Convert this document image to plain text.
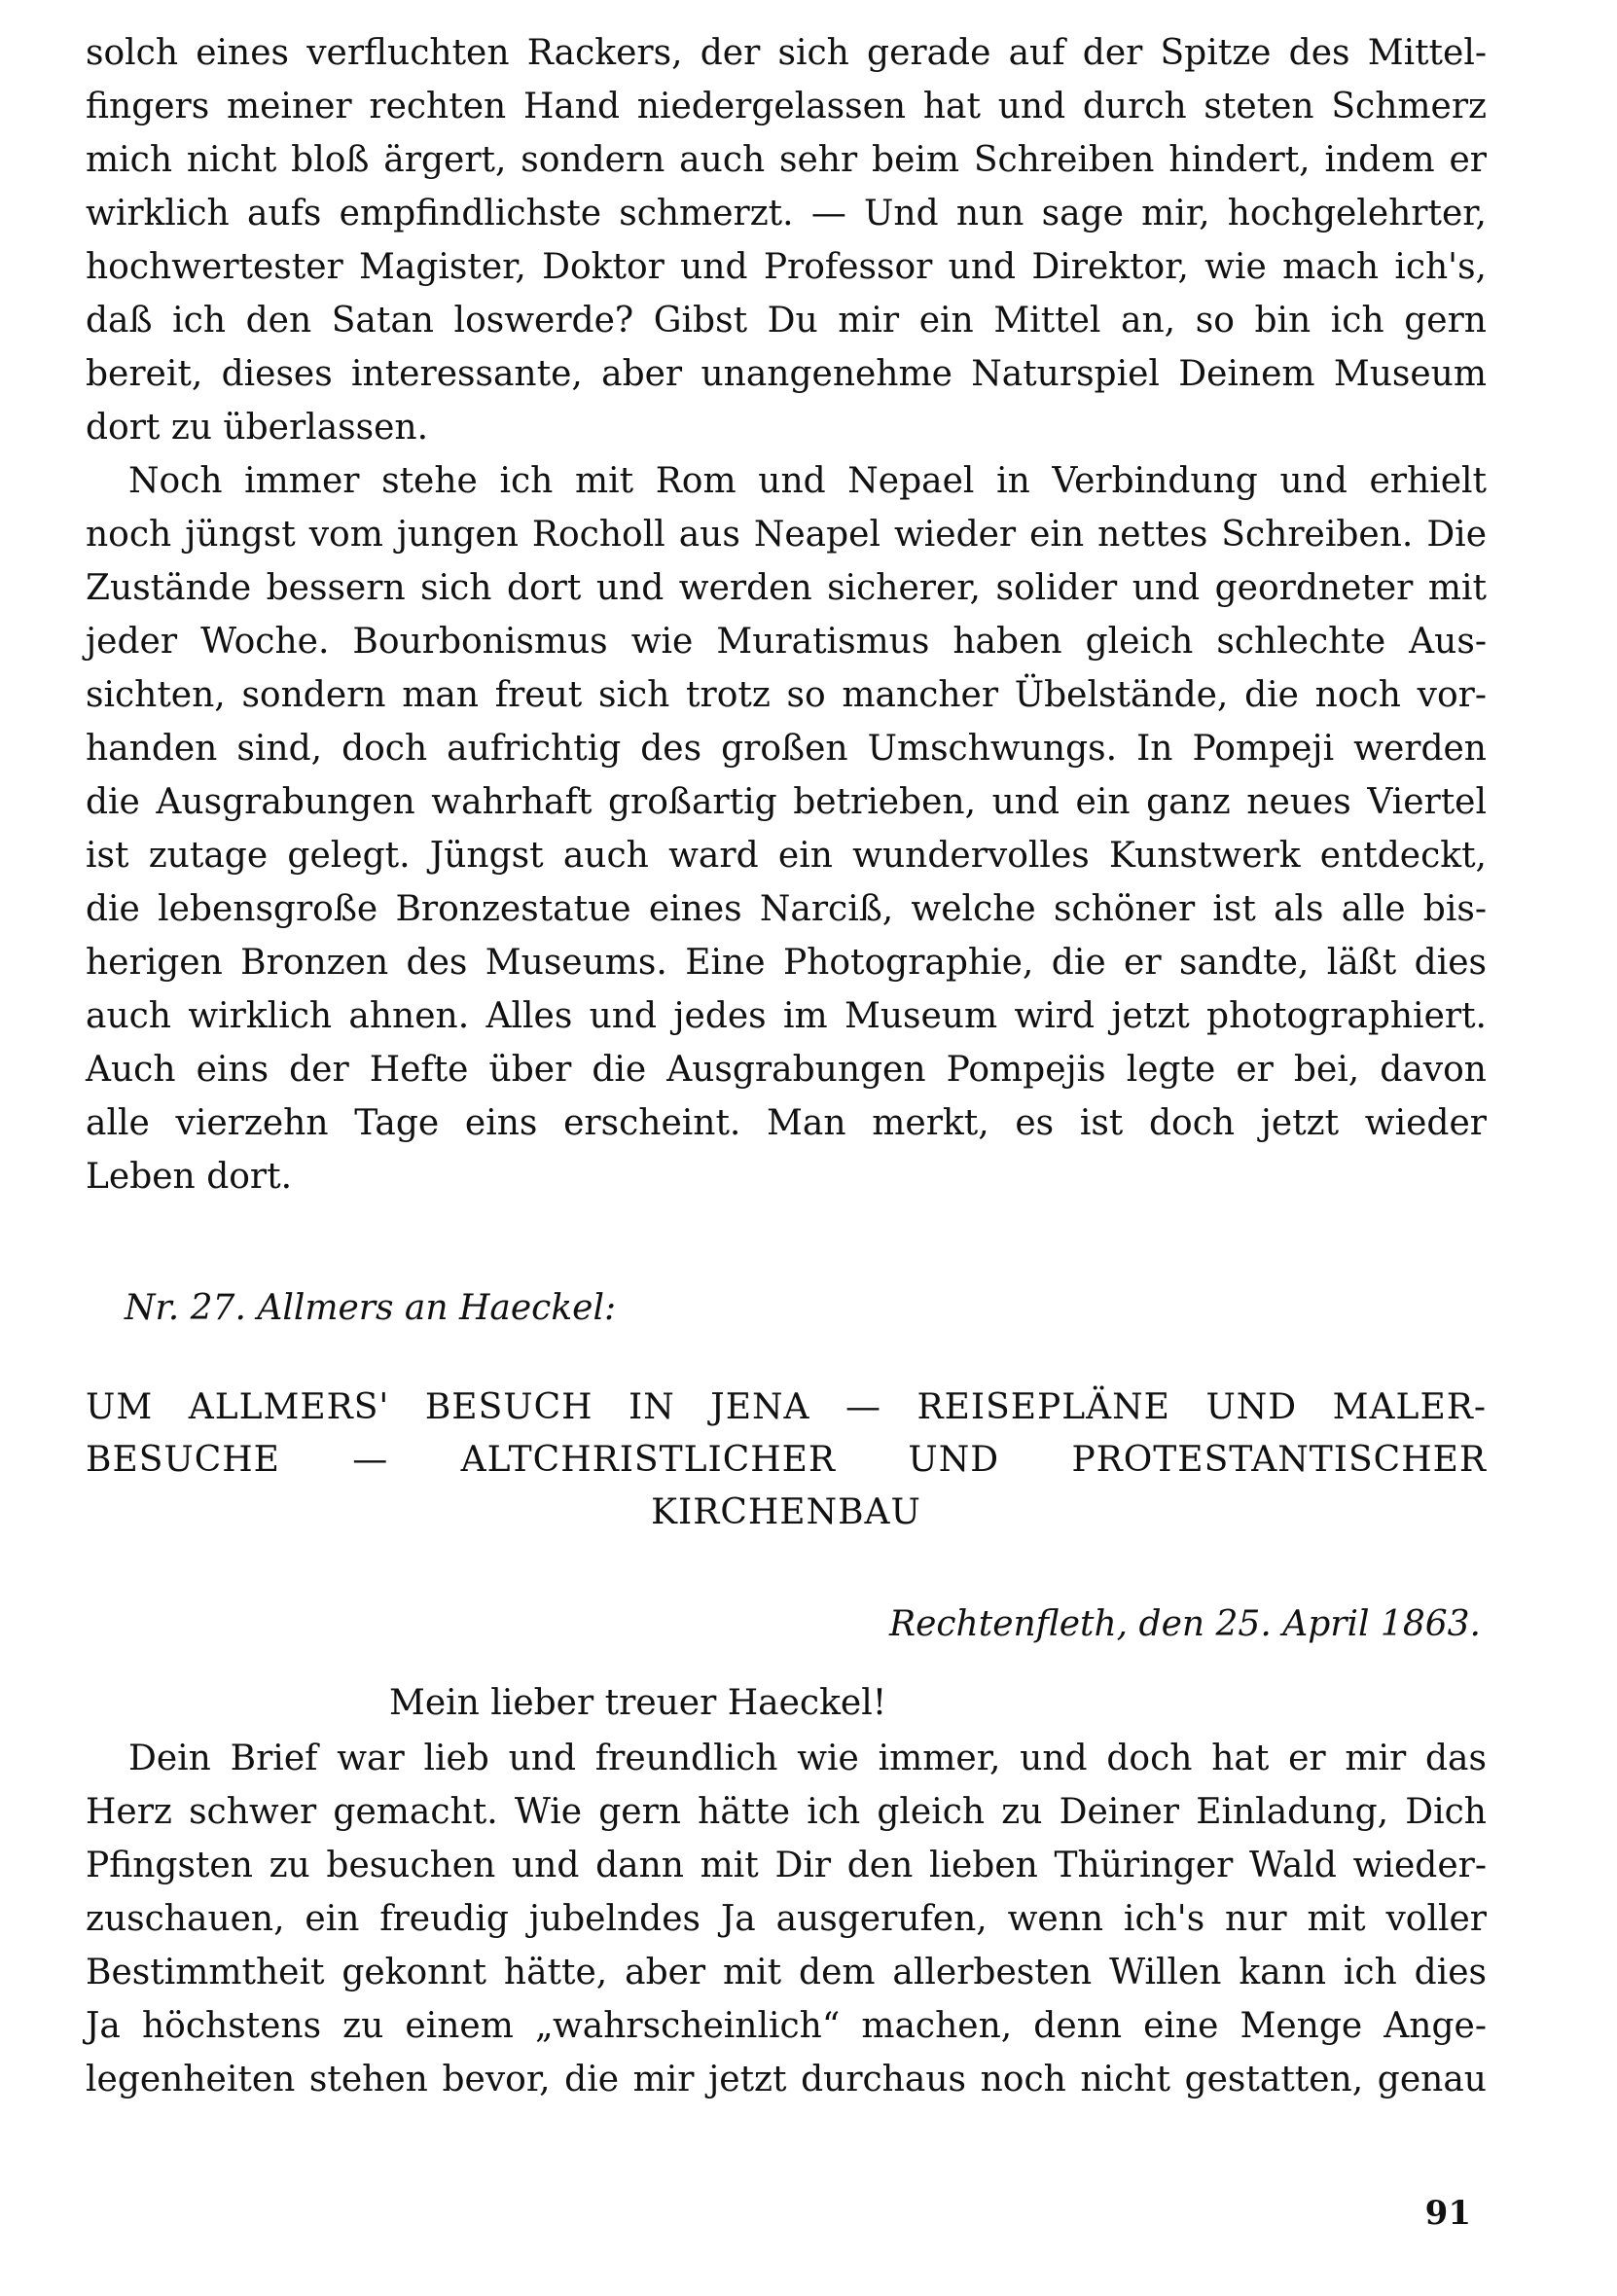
solch eines verfluchten Rackers, der sich gerade auf der Spitze des Mittel-
fingers meiner rechten Hand niedergelassen hat und durch steten Schmerz
mich nicht bloß ärgert, sondern auch sehr beim Schreiben hindert, indem er
wirklich aufs empfindlichste schmerzt. — Und nun sage mir, hochgelehrter,
hochwertester Magister, Doktor und Professor und Direktor, wie mach ich's,
daß ich den Satan loswerde? Gibst Du mir ein Mittel an, so bin ich gern
bereit, dieses interessante, aber unangenehme Naturspiel Deinem Museum
dort zu überlassen.
Noch immer stehe ich mit Rom und Nepael in Verbindung und erhielt
noch jüngst vom jungen Rocholl aus Neapel wieder ein nettes Schreiben. Die
Zustände bessern sich dort und werden sicherer, solider und geordneter mit
jeder Woche. Bourbonismus wie Muratismus haben gleich schlechte Aus-
sichten, sondern man freut sich trotz so mancher Übelstände, die noch vor-
handen sind, doch aufrichtig des großen Umschwungs. In Pompeji werden
die Ausgrabungen wahrhaft großartig betrieben, und ein ganz neues Viertel
ist zutage gelegt. Jüngst auch ward ein wundervolles Kunstwerk entdeckt,
die lebensgroße Bronzestatue eines Narciß, welche schöner ist als alle bis-
herigen Bronzen des Museums. Eine Photographie, die er sandte, läßt dies
auch wirklich ahnen. Alles und jedes im Museum wird jetzt photographiert.
Auch eins der Hefte über die Ausgrabungen Pompejis legte er bei, davon
alle vierzehn Tage eins erscheint. Man merkt, es ist doch jetzt wieder
Leben dort.
Nr. 27. Allmers an Haeckel:
UM ALLMERS' BESUCH IN JENA — REISEPLÄNE UND MALER-
BESUCHE — ALTCHRISTLICHER UND PROTESTANTISCHER
KIRCHENBAU
Rechtenfleth, den 25. April 1863.
Mein lieber treuer Haeckel!
Dein Brief war lieb und freundlich wie immer, und doch hat er mir das
Herz schwer gemacht. Wie gern hätte ich gleich zu Deiner Einladung, Dich
Pfingsten zu besuchen und dann mit Dir den lieben Thüringer Wald wieder-
zuschauen, ein freudig jubelndes Ja ausgerufen, wenn ich's nur mit voller
Bestimmtheit gekonnt hätte, aber mit dem allerbesten Willen kann ich dies
Ja höchstens zu einem „wahrscheinlich“ machen, denn eine Menge Ange-
legenheiten stehen bevor, die mir jetzt durchaus noch nicht gestatten, genau
91
